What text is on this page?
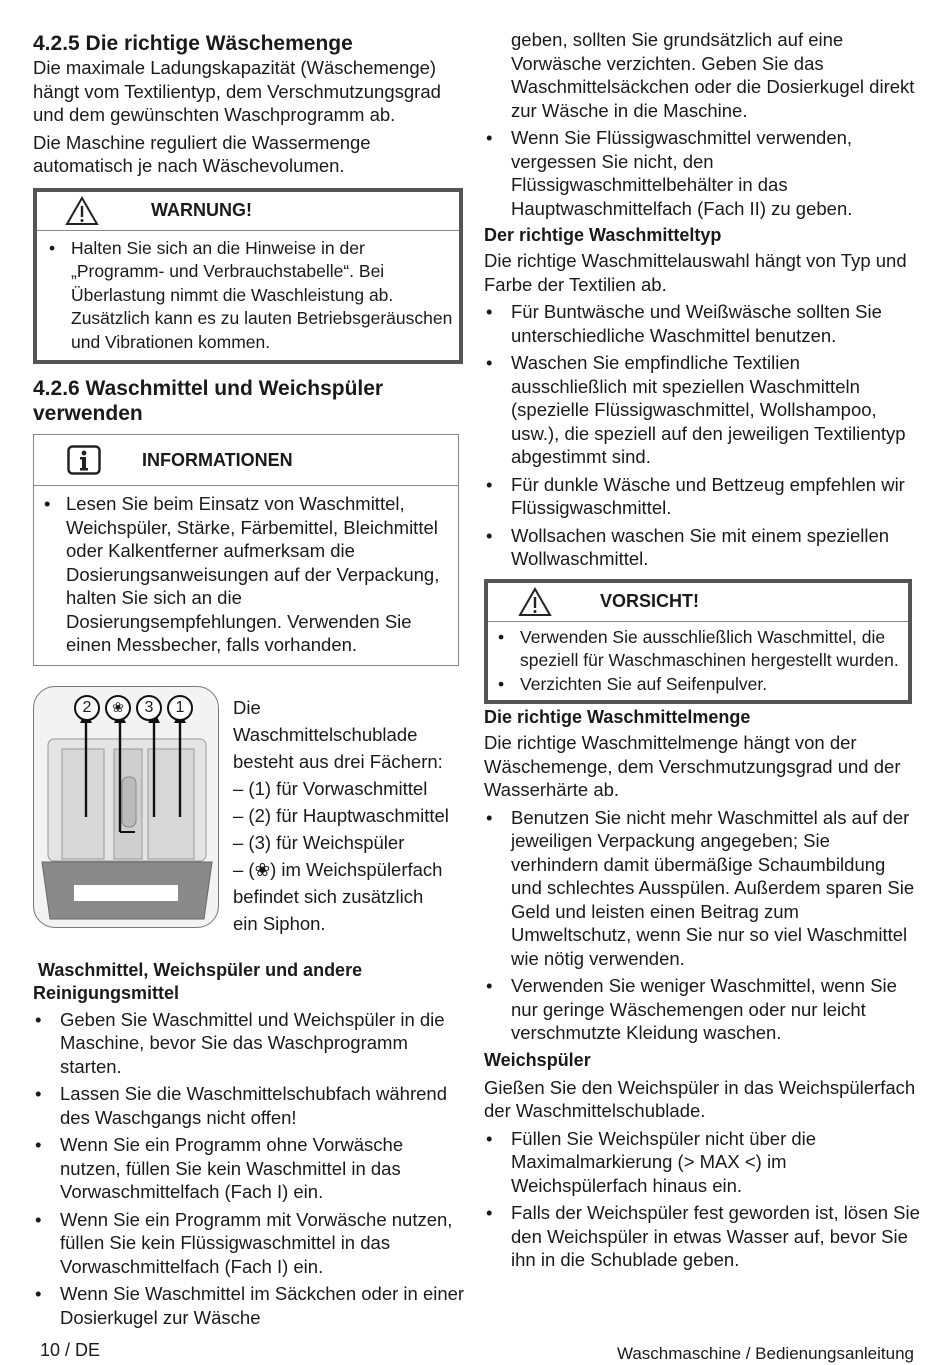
4.2.5 Die richtige Wäschemenge

Die maximale Ladungskapazität (Wäschemenge) hängt vom Textilientyp, dem Verschmutzungsgrad und dem gewünschten Waschprogramm ab.

Die Maschine reguliert die Wassermenge automatisch je nach Wäschevolumen.

WARNUNG!
• Halten Sie sich an die Hinweise in der „Programm- und Verbrauchstabelle“. Bei Überlastung nimmt die Waschleistung ab. Zusätzlich kann es zu lauten Betriebsgeräuschen und Vibrationen kommen.
4.2.6 Waschmittel und Weichspüler verwenden
INFORMATIONEN
• Lesen Sie beim Einsatz von Waschmittel, Weichspüler, Stärke, Färbemittel, Bleichmittel oder Kalkentferner aufmerksam die Dosierungsanweisungen auf der Verpackung, halten Sie sich an die Dosierungsempfehlungen. Verwenden Sie einen Messbecher, falls vorhanden.
2	❀	3	1	Die

Waschmittelschublade

besteht aus drei Fächern:

– (1) für Vorwaschmittel

– (2) für Hauptwaschmittel

– (3) für Weichspüler

– (❀) im Weichspülerfach

befindet sich zusätzlich

ein Siphon.

Waschmittel, Weichspüler und andere Reinigungsmittel
• Geben Sie Waschmittel und Weichspüler in die Maschine, bevor Sie das Waschprogramm starten.
• Lassen Sie die Waschmittelschubfach während des Waschgangs nicht offen!
• Wenn Sie ein Programm ohne Vorwäsche nutzen, füllen Sie kein Waschmittel in das Vorwaschmittelfach (Fach I) ein.
• Wenn Sie ein Programm mit Vorwäsche nutzen, füllen Sie kein Flüssigwaschmittel in das Vorwaschmittelfach (Fach I) ein.
• Wenn Sie Waschmittel im Säckchen oder in einer Dosierkugel zur Wäsche

geben, sollten Sie grundsätzlich auf eine Vorwäsche verzichten. Geben Sie das Waschmittelsäckchen oder die Dosierkugel direkt zur Wäsche in die Maschine.

• Wenn Sie Flüssigwaschmittel verwenden, vergessen Sie nicht, den Flüssigwaschmittelbehälter in das Hauptwaschmittelfach (Fach II) zu geben.
Der richtige Waschmitteltyp

Die richtige Waschmittelauswahl hängt von Typ und Farbe der Textilien ab.

• Für Buntwäsche und Weißwäsche sollten Sie unterschiedliche Waschmittel benutzen.
• Waschen Sie empfindliche Textilien ausschließlich mit speziellen Waschmitteln (spezielle Flüssigwaschmittel, Wollshampoo, usw.), die speziell auf den jeweiligen Textilientyp abgestimmt sind.
• Für dunkle Wäsche und Bettzeug empfehlen wir Flüssigwaschmittel.
• Wollsachen waschen Sie mit einem speziellen Wollwaschmittel.
VORSICHT!
• Verwenden Sie ausschließlich Waschmittel, die speziell für Waschmaschinen hergestellt wurden.
• Verzichten Sie auf Seifenpulver.
Die richtige Waschmittelmenge

Die richtige Waschmittelmenge hängt von der Wäschemenge, dem Verschmutzungsgrad und der Wasserhärte ab.

• Benutzen Sie nicht mehr Waschmittel als auf der jeweiligen Verpackung angegeben; Sie verhindern damit übermäßige Schaumbildung und schlechtes Ausspülen. Außerdem sparen Sie Geld und leisten einen Beitrag zum Umweltschutz, wenn Sie nur so viel Waschmittel wie nötig verwenden.
• Verwenden Sie weniger Waschmittel, wenn Sie nur geringe Wäschemengen oder nur leicht verschmutzte Kleidung waschen.
Weichspüler

Gießen Sie den Weichspüler in das Weichspülerfach der Waschmittelschublade.

• Füllen Sie Weichspüler nicht über die Maximalmarkierung (> MAX <) im Weichspülerfach hinaus ein.
• Falls der Weichspüler fest geworden ist, lösen Sie den Weichspüler in etwas Wasser auf, bevor Sie ihn in die Schublade geben.
10 / DE	Waschmaschine / Bedienungsanleitung
